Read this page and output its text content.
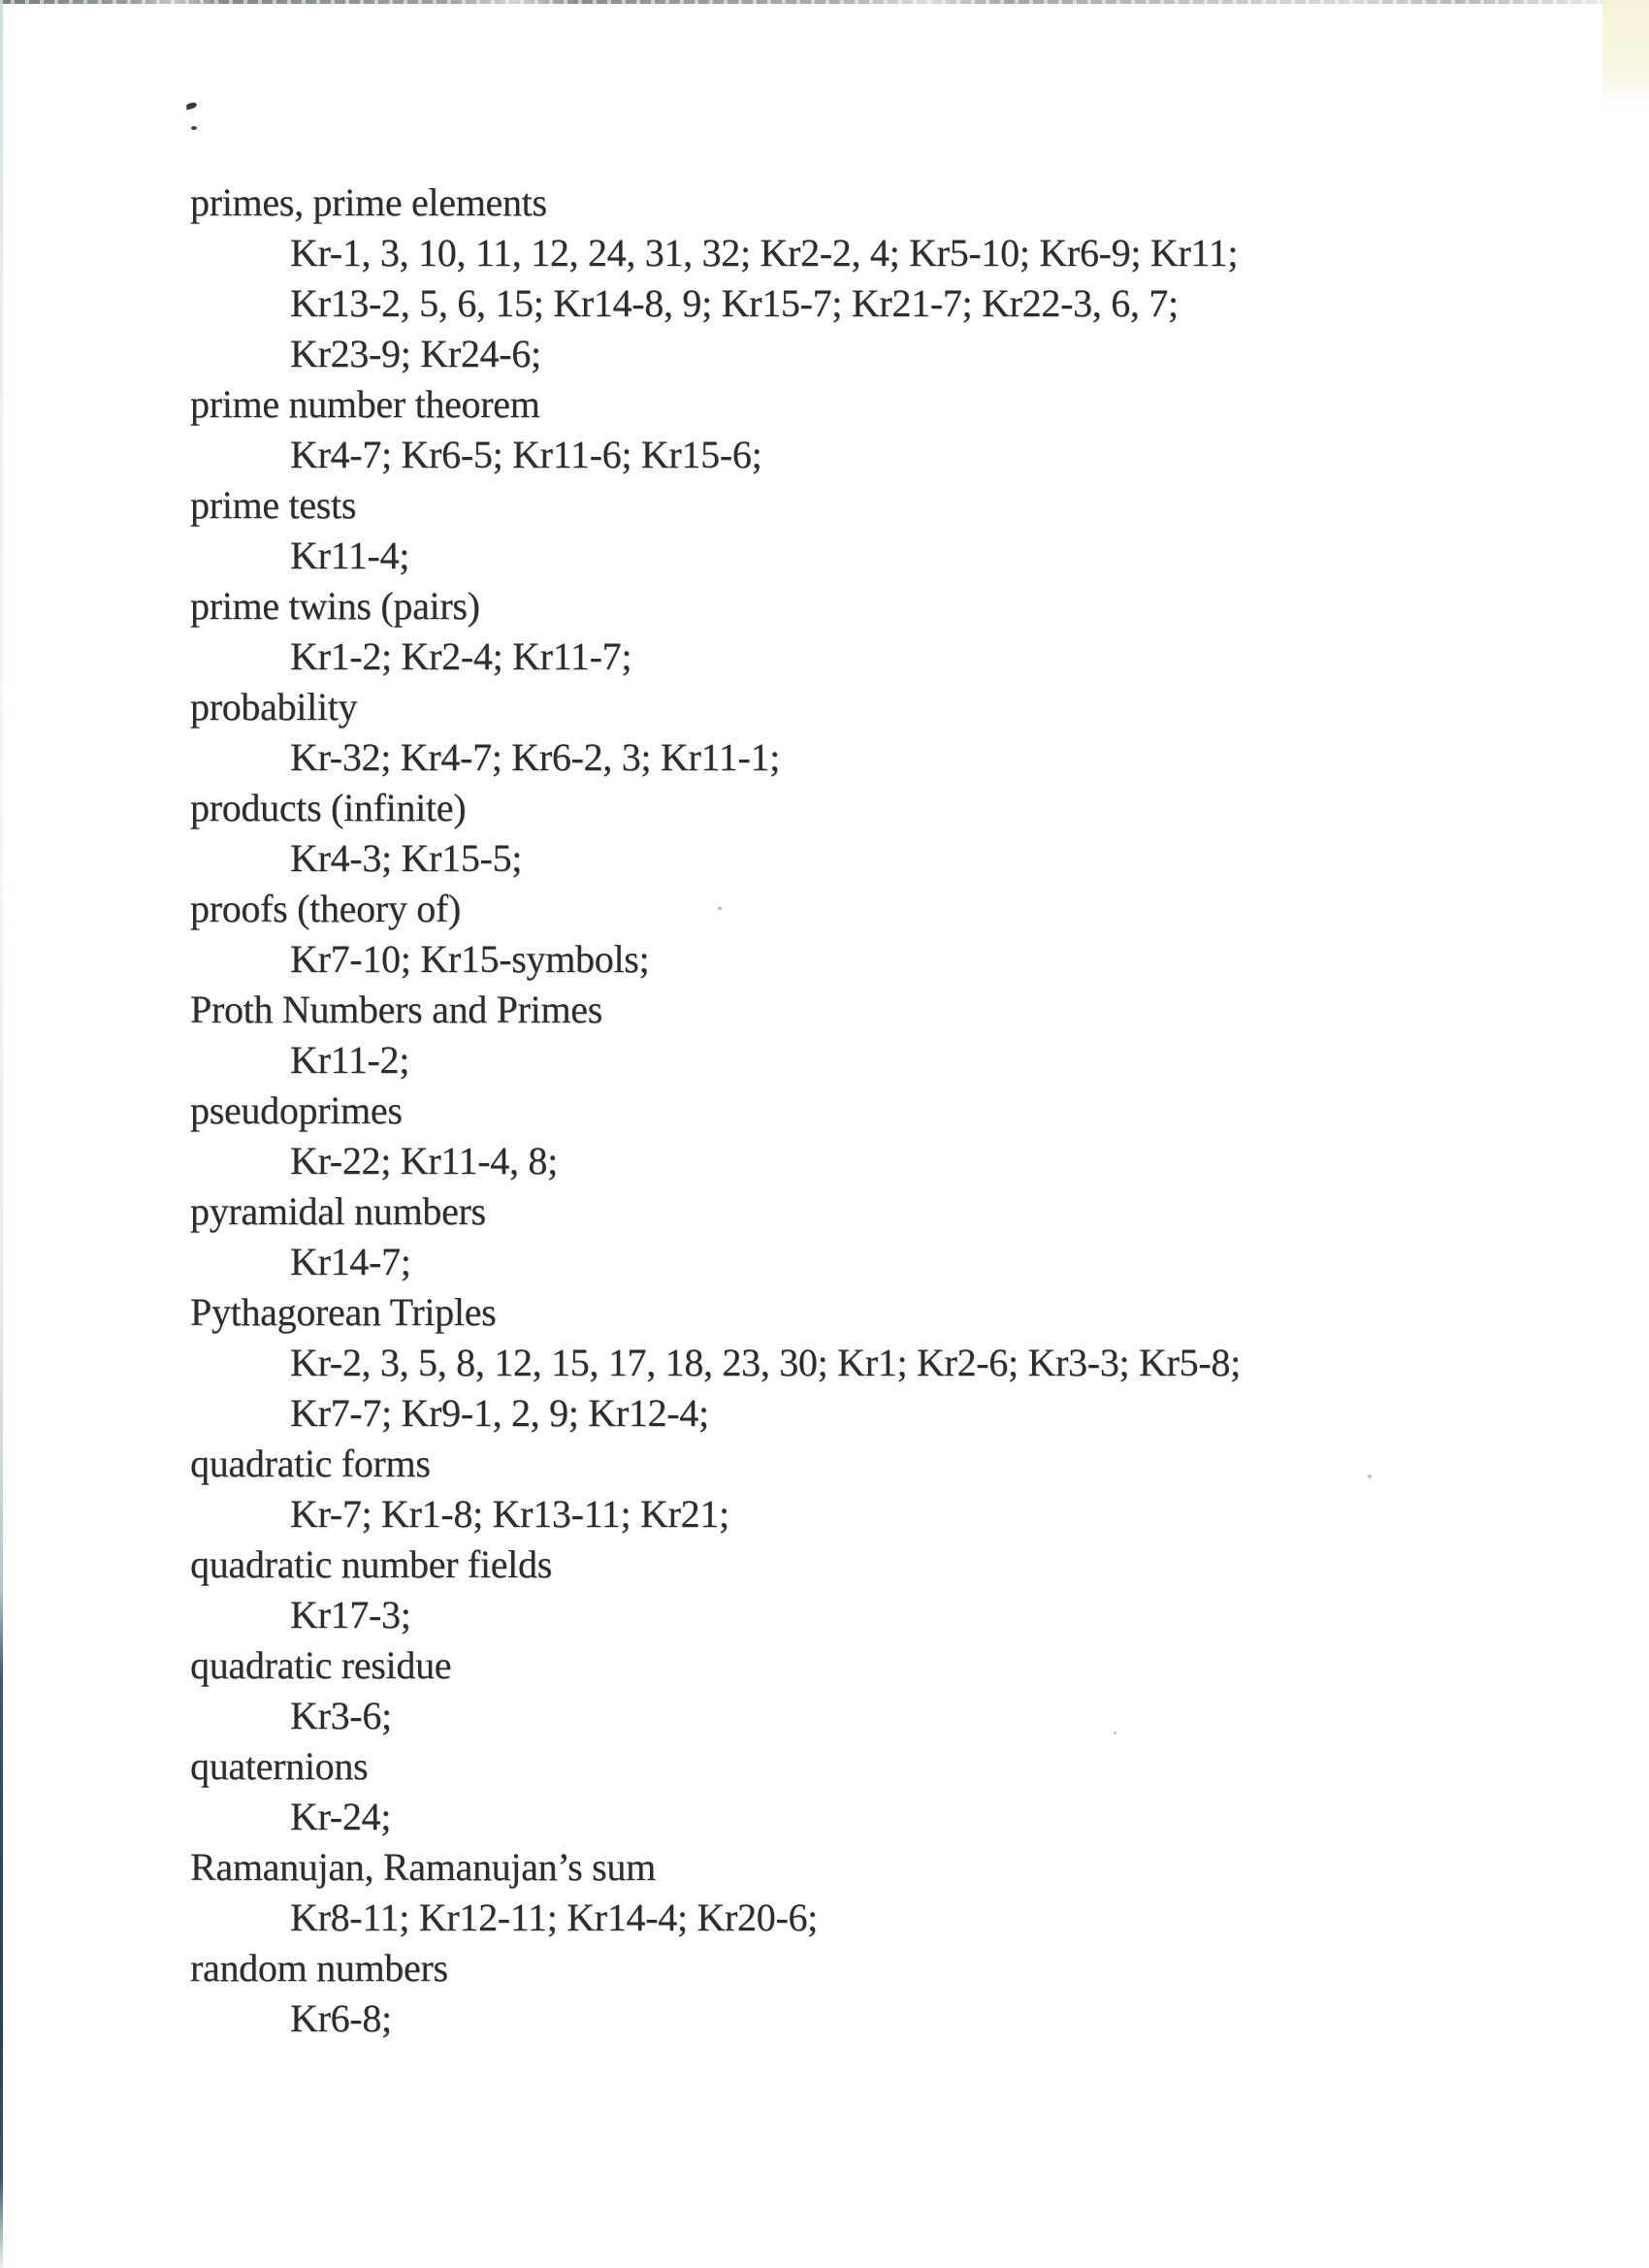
primes, prime elements
Kr-1, 3, 10, 11, 12, 24, 31, 32; Kr2-2, 4; Kr5-10; Kr6-9; Kr11;
Kr13-2, 5, 6, 15; Kr14-8, 9; Kr15-7; Kr21-7; Kr22-3, 6, 7;
Kr23-9; Kr24-6;
prime number theorem
Kr4-7; Kr6-5; Kr11-6; Kr15-6;
prime tests
Kr11-4;
prime twins (pairs)
Kr1-2; Kr2-4; Kr11-7;
probability
Kr-32; Kr4-7; Kr6-2, 3; Kr11-1;
products (infinite)
Kr4-3; Kr15-5;
proofs (theory of)
Kr7-10; Kr15-symbols;
Proth Numbers and Primes
Kr11-2;
pseudoprimes
Kr-22; Kr11-4, 8;
pyramidal numbers
Kr14-7;
Pythagorean Triples
Kr-2, 3, 5, 8, 12, 15, 17, 18, 23, 30; Kr1; Kr2-6; Kr3-3; Kr5-8;
Kr7-7; Kr9-1, 2, 9; Kr12-4;
quadratic forms
Kr-7; Kr1-8; Kr13-11; Kr21;
quadratic number fields
Kr17-3;
quadratic residue
Kr3-6;
quaternions
Kr-24;
Ramanujan, Ramanujan’s sum
Kr8-11; Kr12-11; Kr14-4; Kr20-6;
random numbers
Kr6-8;
